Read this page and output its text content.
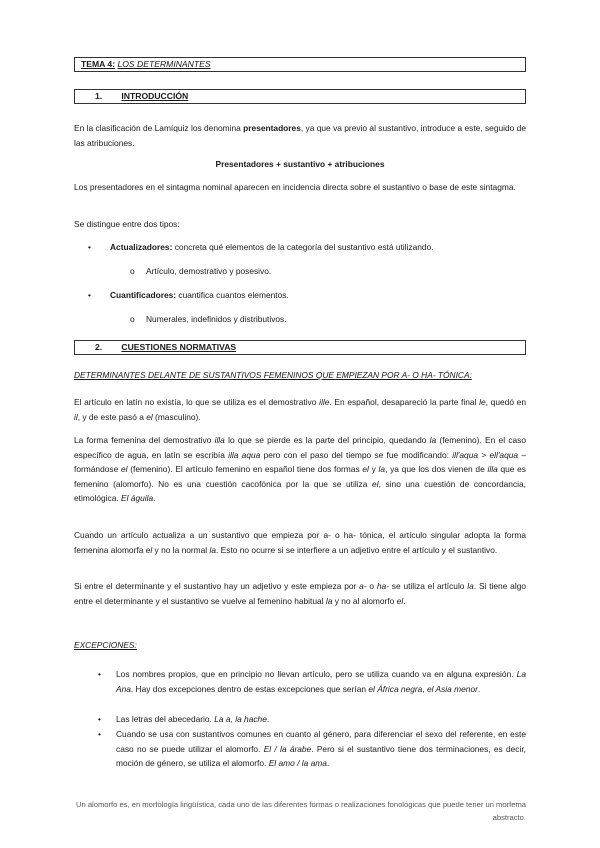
TEMA 4: LOS DETERMINANTES
1. INTRODUCCIÓN
En la clasificación de Lamíquiz los denomina presentadores, ya que va previo al sustantivo, introduce a este, seguido de las atribuciones.
Presentadores + sustantivo + atribuciones
Los presentadores en el sintagma nominal aparecen en incidencia directa sobre el sustantivo o base de este sintagma.
Se distingue entre dos tipos:
• Actualizadores: concreta qué elementos de la categoría del sustantivo está utilizando.
o Artículo, demostrativo y posesivo.
• Cuantificadores: cuantifica cuantos elementos.
o Numerales, indefinidos y distributivos.
2. CUESTIONES NORMATIVAS
DETERMINANTES DELANTE DE SUSTANTIVOS FEMENINOS QUE EMPIEZAN POR A- O HA- TÓNICA:
El artículo en latín no existía, lo que se utiliza es el demostrativo ille. En español, desapareció la parte final le, quedó en il, y de este pasó a el (masculino).
La forma femenina del demostrativo illa lo que se pierde es la parte del principio, quedando la (femenino). En el caso específico de agua, en latín se escribía illa aqua pero con el paso del tiempo se fue modificando: ill'aqua > ell'aqua – formándose el (femenino). El artículo femenino en español tiene dos formas el y la, ya que los dos vienen de illa que es femenino (alomorfo). No es una cuestión cacofónica por la que se utiliza el, sino una cuestión de concordancia, etimológica. El águila.
Cuando un artículo actualiza a un sustantivo que empieza por a- o ha- tónica, el artículo singular adopta la forma femenina alomorfa el y no la normal la. Esto no ocurre si se interfiere a un adjetivo entre el artículo y el sustantivo.
Si entre el determinante y el sustantivo hay un adjetivo y este empieza por a- o ha- se utiliza el artículo la. Si tiene algo entre el determinante y el sustantivo se vuelve al femenino habitual la y no al alomorfo el.
EXCEPCIONES:
• Los nombres propios, que en principio no llevan artículo, pero se utiliza cuando va en alguna expresión. La Ana. Hay dos excepciones dentro de estas excepciones que serían el África negra, el Asia menor.
• Las letras del abecedario. La a, la hache.
• Cuando se usa con sustantivos comunes en cuanto al género, para diferenciar el sexo del referente, en este caso no se puede utilizar el alomorfo. El / la árabe. Pero si el sustantivo tiene dos terminaciones, es decir, moción de género, se utiliza el alomorfo. El amo / la ama.
Un alomorfo es, en morfología lingüística, cada uno de las diferentes formas o realizaciones fonológicas que puede tener un morfema abstracto.
